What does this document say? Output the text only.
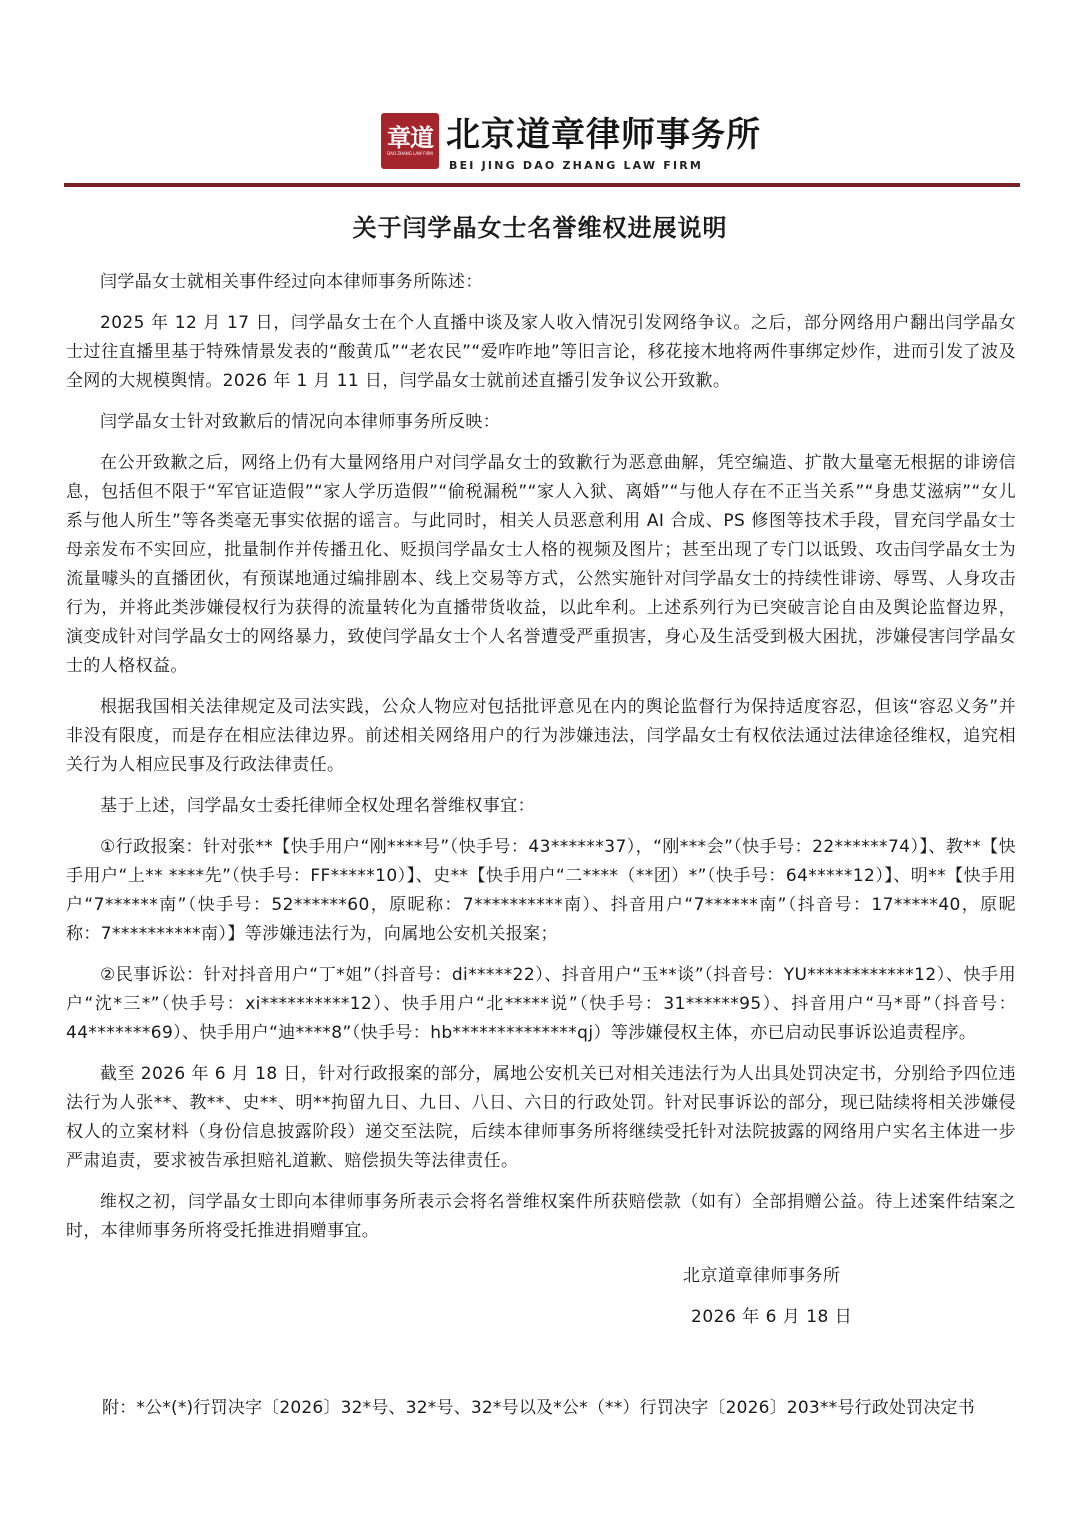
章道
DAO ZHANG LAW FIRM 北京道章律师事务所
BEI JING DAO ZHANG LAW FIRM
关于闫学晶女士名誉维权进展说明

闫学晶女士就相关事件经过向本律师事务所陈述：

2025 年 12 月 17 日，闫学晶女士在个人直播中谈及家人收入情况引发网络争议。之后，部分网络用户翻出闫学晶女士过往直播里基于特殊情景发表的“酸黄瓜”“老农民”“爱咋咋地”等旧言论，移花接木地将两件事绑定炒作，进而引发了波及全网的大规模舆情。2026 年 1 月 11 日，闫学晶女士就前述直播引发争议公开致歉。

闫学晶女士针对致歉后的情况向本律师事务所反映：

在公开致歉之后，网络上仍有大量网络用户对闫学晶女士的致歉行为恶意曲解，凭空编造、扩散大量毫无根据的诽谤信息，包括但不限于“军官证造假”“家人学历造假”“偷税漏税”“家人入狱、离婚”“与他人存在不正当关系”“身患艾滋病”“女儿系与他人所生”等各类毫无事实依据的谣言。与此同时，相关人员恶意利用 AI 合成、PS 修图等技术手段，冒充闫学晶女士母亲发布不实回应，批量制作并传播丑化、贬损闫学晶女士人格的视频及图片；甚至出现了专门以诋毁、攻击闫学晶女士为流量噱头的直播团伙，有预谋地通过编排剧本、线上交易等方式，公然实施针对闫学晶女士的持续性诽谤、辱骂、人身攻击行为，并将此类涉嫌侵权行为获得的流量转化为直播带货收益，以此牟利。上述系列行为已突破言论自由及舆论监督边界，演变成针对闫学晶女士的网络暴力，致使闫学晶女士个人名誉遭受严重损害，身心及生活受到极大困扰，涉嫌侵害闫学晶女士的人格权益。

根据我国相关法律规定及司法实践，公众人物应对包括批评意见在内的舆论监督行为保持适度容忍，但该“容忍义务”并非没有限度，而是存在相应法律边界。前述相关网络用户的行为涉嫌违法，闫学晶女士有权依法通过法律途径维权，追究相关行为人相应民事及行政法律责任。

基于上述，闫学晶女士委托律师全权处理名誉维权事宜：

①行政报案：针对张**【快手用户“刚****号”（快手号：43******37），“刚***会”（快手号：22******74）】、教**【快手用户“上** ****先”（快手号：FF*****10）】、史**【快手用户“二****（**团）*”（快手号：64*****12）】、明**【快手用户“7******南”（快手号：52******60，原昵称：7**********南）、抖音用户“7******南”（抖音号：17*****40，原昵称：7**********南）】等涉嫌违法行为，向属地公安机关报案；

②民事诉讼：针对抖音用户“丁*姐”（抖音号：di*****22）、抖音用户“玉**谈”（抖音号：YU************12）、快手用户“沈*三*”（快手号：xi**********12）、快手用户“北*****说”（快手号：31******95）、抖音用户“马*哥”（抖音号：44*******69）、快手用户“迪****8”（快手号：hb**************qj）等涉嫌侵权主体，亦已启动民事诉讼追责程序。

截至 2026 年 6 月 18 日，针对行政报案的部分，属地公安机关已对相关违法行为人出具处罚决定书，分别给予四位违法行为人张**、教**、史**、明**拘留九日、九日、八日、六日的行政处罚。针对民事诉讼的部分，现已陆续将相关涉嫌侵权人的立案材料（身份信息披露阶段）递交至法院，后续本律师事务所将继续受托针对法院披露的网络用户实名主体进一步严肃追责，要求被告承担赔礼道歉、赔偿损失等法律责任。

维权之初，闫学晶女士即向本律师事务所表示会将名誉维权案件所获赔偿款（如有）全部捐赠公益。待上述案件结案之时，本律师事务所将受托推进捐赠事宜。

北京道章律师事务所
2026 年 6 月 18 日
附：*公*(*)行罚决字〔2026〕32*号、32*号、32*号以及*公*（**）行罚决字〔2026〕203**号行政处罚决定书
